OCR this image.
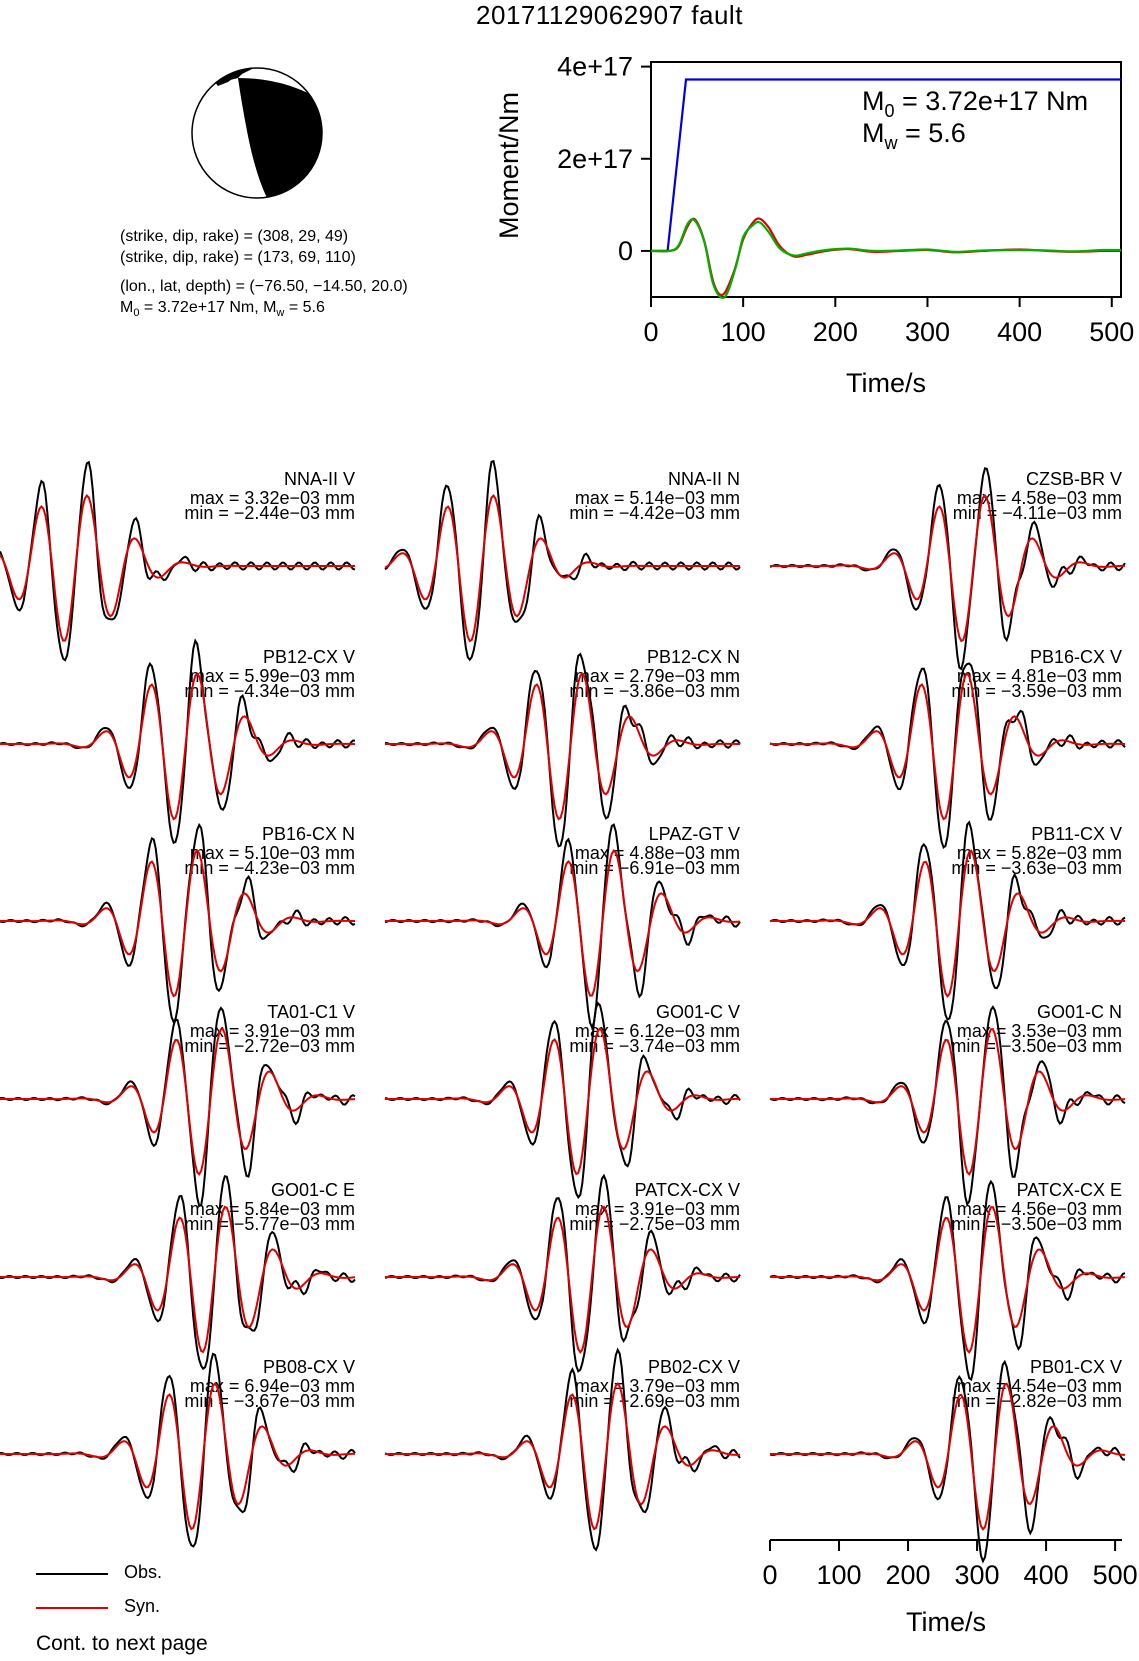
20171129062907 fault
(strike, dip, rake) = (308, 29, 49)
(strike, dip, rake) = (173, 69, 110)
(lon., lat, depth) = (−76.50, −14.50, 20.0)
$M_0 = 3.72e+17$ Nm, $M_w = 5.6$
0 100 200 300 400 500
0
2e+17
4e+17
Time/s
Moment/Nm	$M_0 = 3.72e+17$ Nm
$M_w = 5.6$
NNA-II V
max = 3.32e−03 mm
min = −2.44e−03 mm
NNA-II N
max = 5.14e−03 mm
min = −4.42e−03 mm
CZSB-BR V
max = 4.58e−03 mm
min = −4.11e−03 mm
PB12-CX V
max = 5.99e−03 mm
min = −4.34e−03 mm
PB12-CX N
max = 2.79e−03 mm
min = −3.86e−03 mm
PB16-CX V
max = 4.81e−03 mm
min = −3.59e−03 mm
PB16-CX N
max = 5.10e−03 mm
min = −4.23e−03 mm
LPAZ-GT V
max = 4.88e−03 mm
min = −6.91e−03 mm
PB11-CX V
max = 5.82e−03 mm
min = −3.63e−03 mm
TA01-C1 V
max = 3.91e−03 mm
min = −2.72e−03 mm
GO01-C V
max = 6.12e−03 mm
min = −3.74e−03 mm
GO01-C N
max = 3.53e−03 mm
min = −3.50e−03 mm
GO01-C E
max = 5.84e−03 mm
min = −5.77e−03 mm
PATCX-CX V
max = 3.91e−03 mm
min = −2.75e−03 mm
PATCX-CX E
max = 4.56e−03 mm
min = −3.50e−03 mm
PB08-CX V
max = 6.94e−03 mm
min = −3.67e−03 mm
PB02-CX V
max = 3.79e−03 mm
min = −2.69e−03 mm
PB01-CX V
max = 4.54e−03 mm
min = −2.82e−03 mm
0 100 200 300 400 500
Time/s
Obs.
Syn.
Cont. to next page
